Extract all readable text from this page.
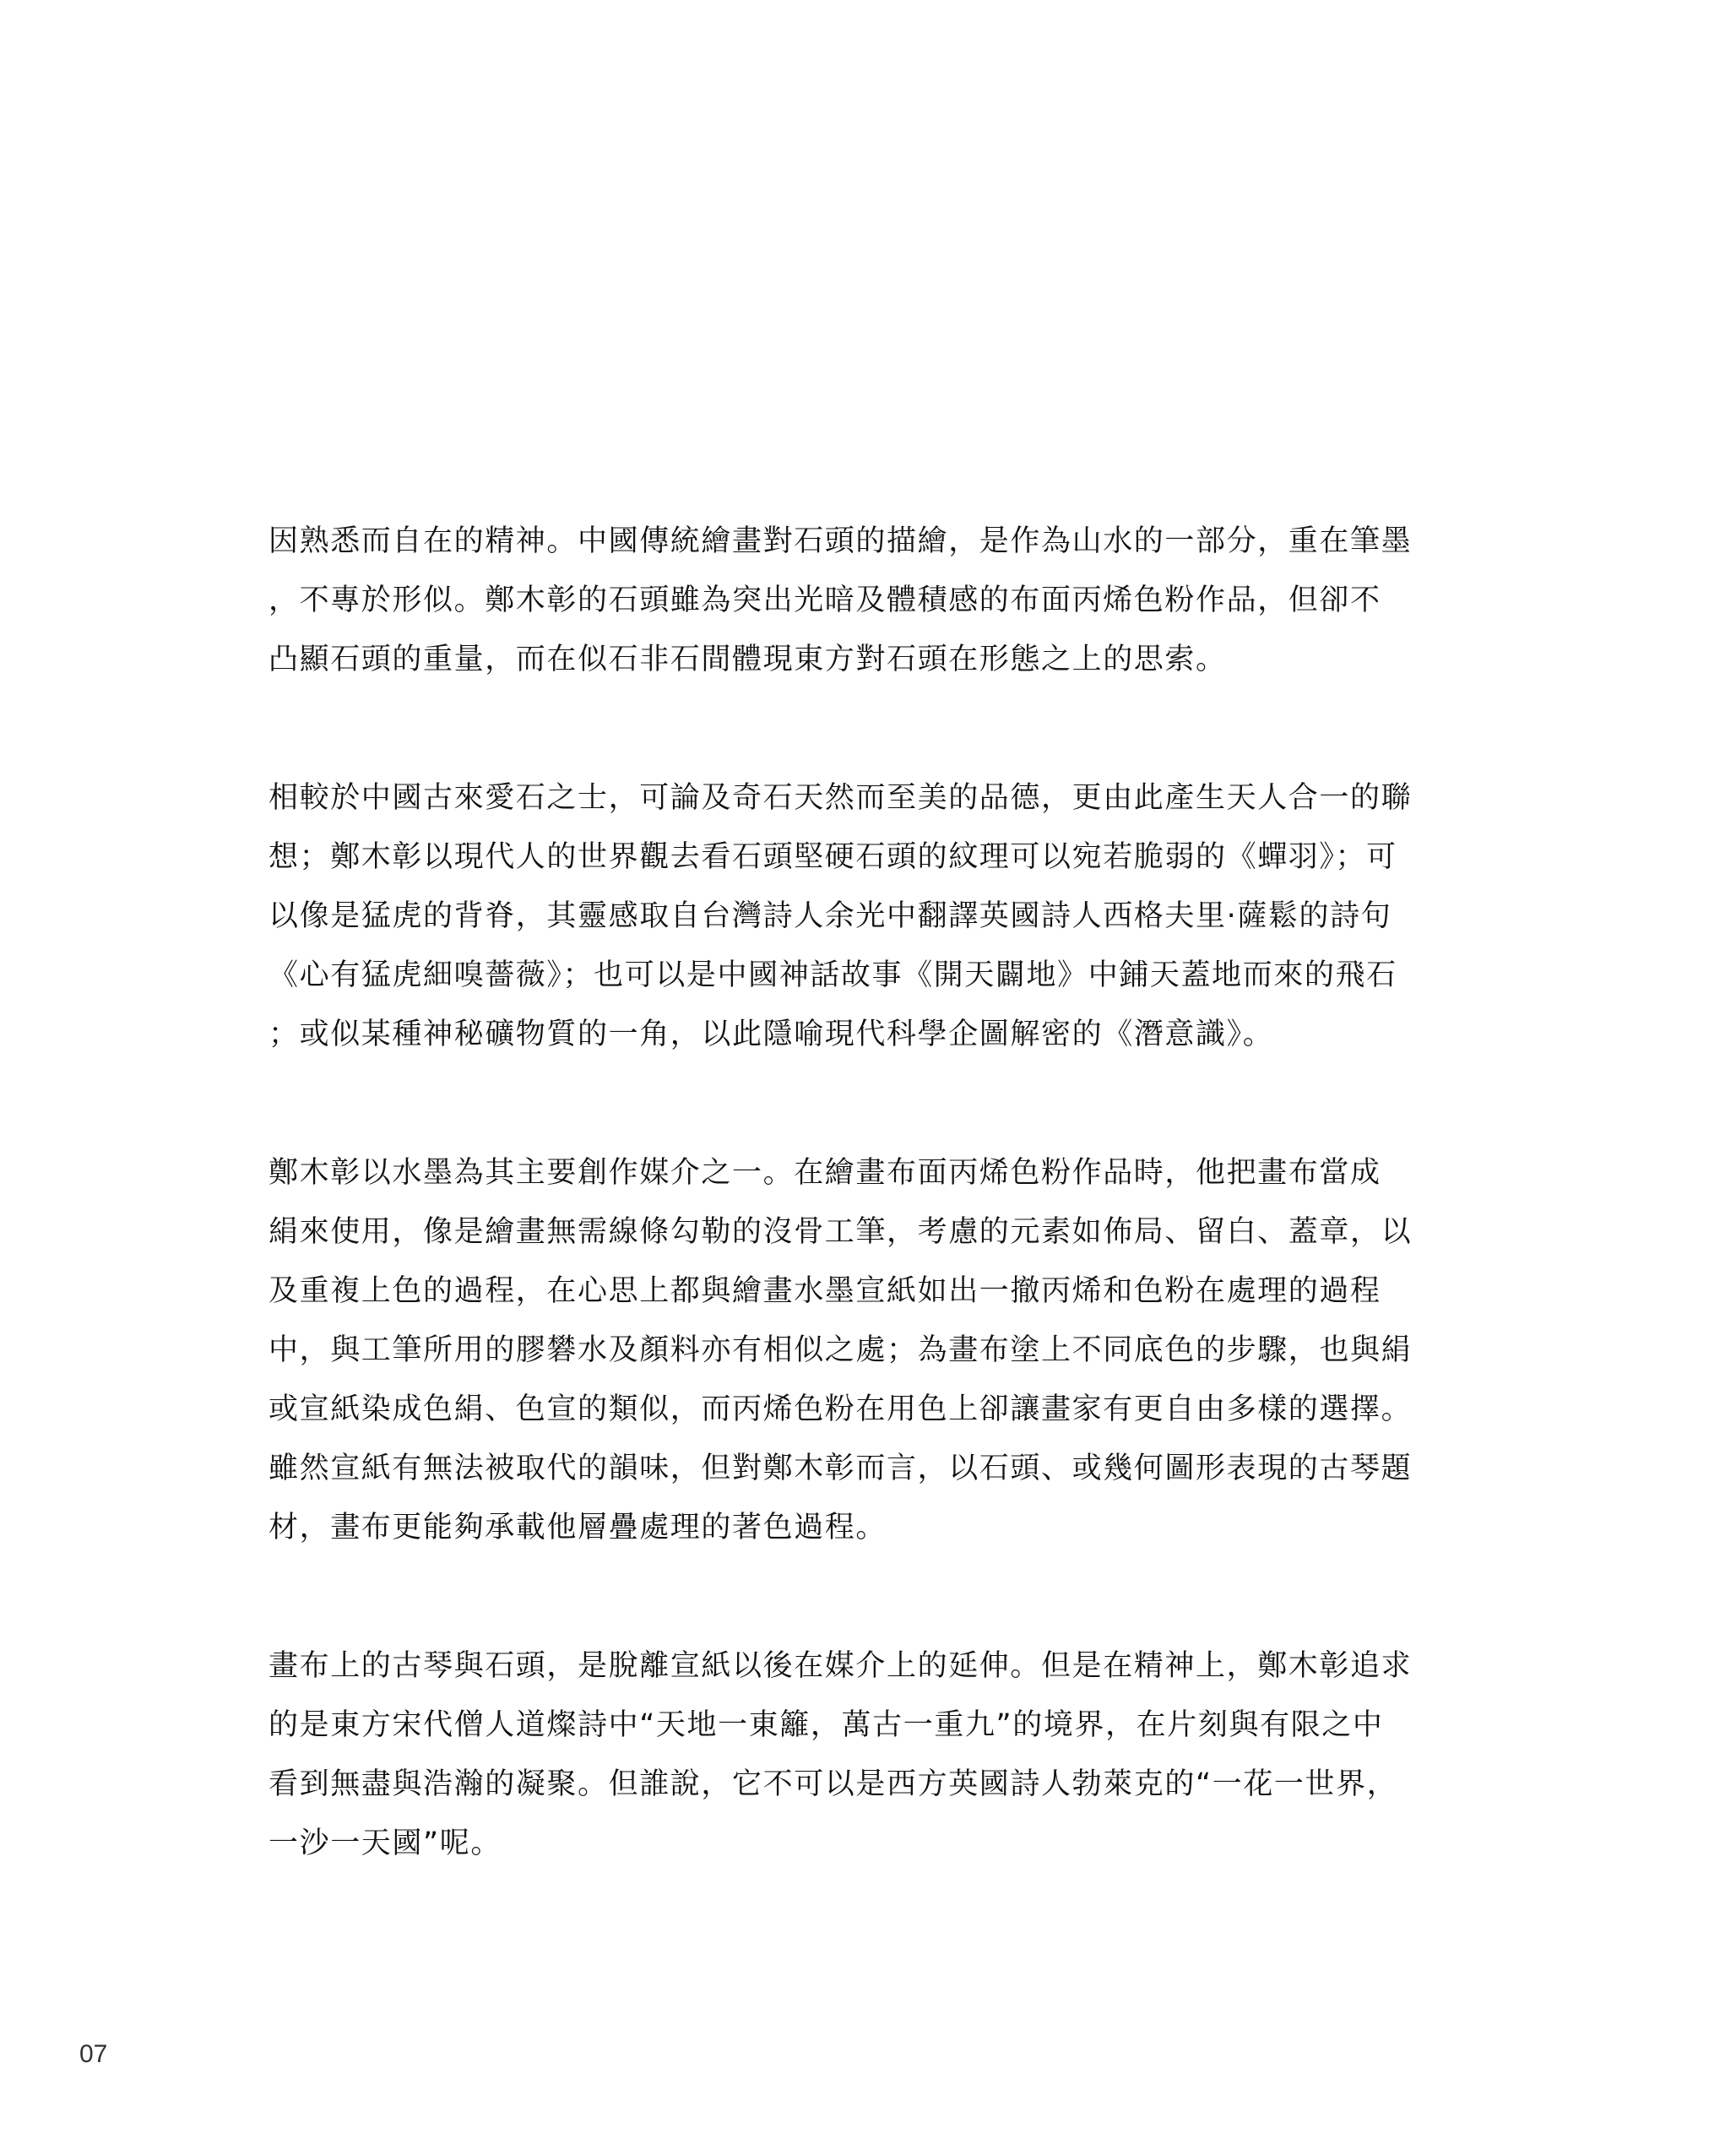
因熟悉而自在的精神。中國傳統繪畫對石頭的描繪，是作為山水的一部分，重在筆墨
，不專於形似。鄭木彰的石頭雖為突出光暗及體積感的布面丙烯色粉作品，但卻不
凸顯石頭的重量，而在似石非石間體現東方對石頭在形態之上的思索。
相較於中國古來愛石之士，可論及奇石天然而至美的品德，更由此產生天人合一的聯
想；鄭木彰以現代人的世界觀去看石頭堅硬石頭的紋理可以宛若脆弱的《蟬羽》；可
以像是猛虎的背脊，其靈感取自台灣詩人余光中翻譯英國詩人西格夫里·薩鬆的詩句
《心有猛虎細嗅薔薇》；也可以是中國神話故事《開天闢地》中鋪天蓋地而來的飛石
；或似某種神秘礦物質的一角，以此隱喻現代科學企圖解密的《潛意識》。
鄭木彰以水墨為其主要創作媒介之一。在繪畫布面丙烯色粉作品時，他把畫布當成
絹來使用，像是繪畫無需線條勾勒的沒骨工筆，考慮的元素如佈局、留白、蓋章，以
及重複上色的過程，在心思上都與繪畫水墨宣紙如出一撤丙烯和色粉在處理的過程
中，與工筆所用的膠礬水及顏料亦有相似之處；為畫布塗上不同底色的步驟，也與絹
或宣紙染成色絹、色宣的類似，而丙烯色粉在用色上卻讓畫家有更自由多樣的選擇。
雖然宣紙有無法被取代的韻味，但對鄭木彰而言，以石頭、或幾何圖形表現的古琴題
材，畫布更能夠承載他層疊處理的著色過程。
畫布上的古琴與石頭，是脫離宣紙以後在媒介上的延伸。但是在精神上，鄭木彰追求
的是東方宋代僧人道燦詩中“天地一東籬，萬古一重九”的境界，在片刻與有限之中
看到無盡與浩瀚的凝聚。但誰說，它不可以是西方英國詩人勃萊克的“一花一世界，
一沙一天國”呢。
07
